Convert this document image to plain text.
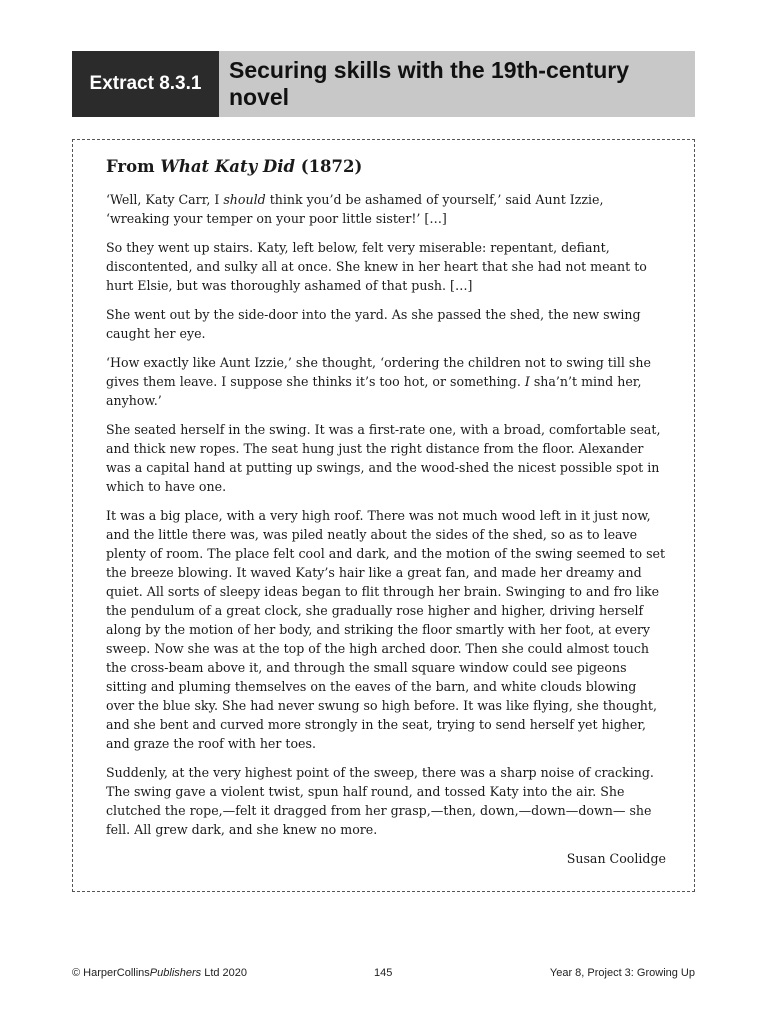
Extract 8.3.1
Securing skills with the 19th-century novel
From What Katy Did (1872)

‘Well, Katy Carr, I should think you’d be ashamed of yourself,’ said Aunt Izzie, ‘wreaking your temper on your poor little sister!’ […]

So they went up stairs. Katy, left below, felt very miserable: repentant, defiant, discontented, and sulky all at once. She knew in her heart that she had not meant to hurt Elsie, but was thoroughly ashamed of that push. […]

She went out by the side-door into the yard. As she passed the shed, the new swing caught her eye.

‘How exactly like Aunt Izzie,’ she thought, ‘ordering the children not to swing till she gives them leave. I suppose she thinks it’s too hot, or something. I sha’n’t mind her, anyhow.’

She seated herself in the swing. It was a first-rate one, with a broad, comfortable seat, and thick new ropes. The seat hung just the right distance from the floor. Alexander was a capital hand at putting up swings, and the wood-shed the nicest possible spot in which to have one.

It was a big place, with a very high roof. There was not much wood left in it just now, and the little there was, was piled neatly about the sides of the shed, so as to leave plenty of room. The place felt cool and dark, and the motion of the swing seemed to set the breeze blowing. It waved Katy’s hair like a great fan, and made her dreamy and quiet. All sorts of sleepy ideas began to flit through her brain. Swinging to and fro like the pendulum of a great clock, she gradually rose higher and higher, driving herself along by the motion of her body, and striking the floor smartly with her foot, at every sweep. Now she was at the top of the high arched door. Then she could almost touch the cross-beam above it, and through the small square window could see pigeons sitting and pluming themselves on the eaves of the barn, and white clouds blowing over the blue sky. She had never swung so high before. It was like flying, she thought, and she bent and curved more strongly in the seat, trying to send herself yet higher, and graze the roof with her toes.

Suddenly, at the very highest point of the sweep, there was a sharp noise of cracking. The swing gave a violent twist, spun half round, and tossed Katy into the air. She clutched the rope,—felt it dragged from her grasp,—then, down,—down—down— she fell. All grew dark, and she knew no more.

Susan Coolidge
© HarperCollinsPublishers Ltd 2020	145	Year 8, Project 3: Growing Up
